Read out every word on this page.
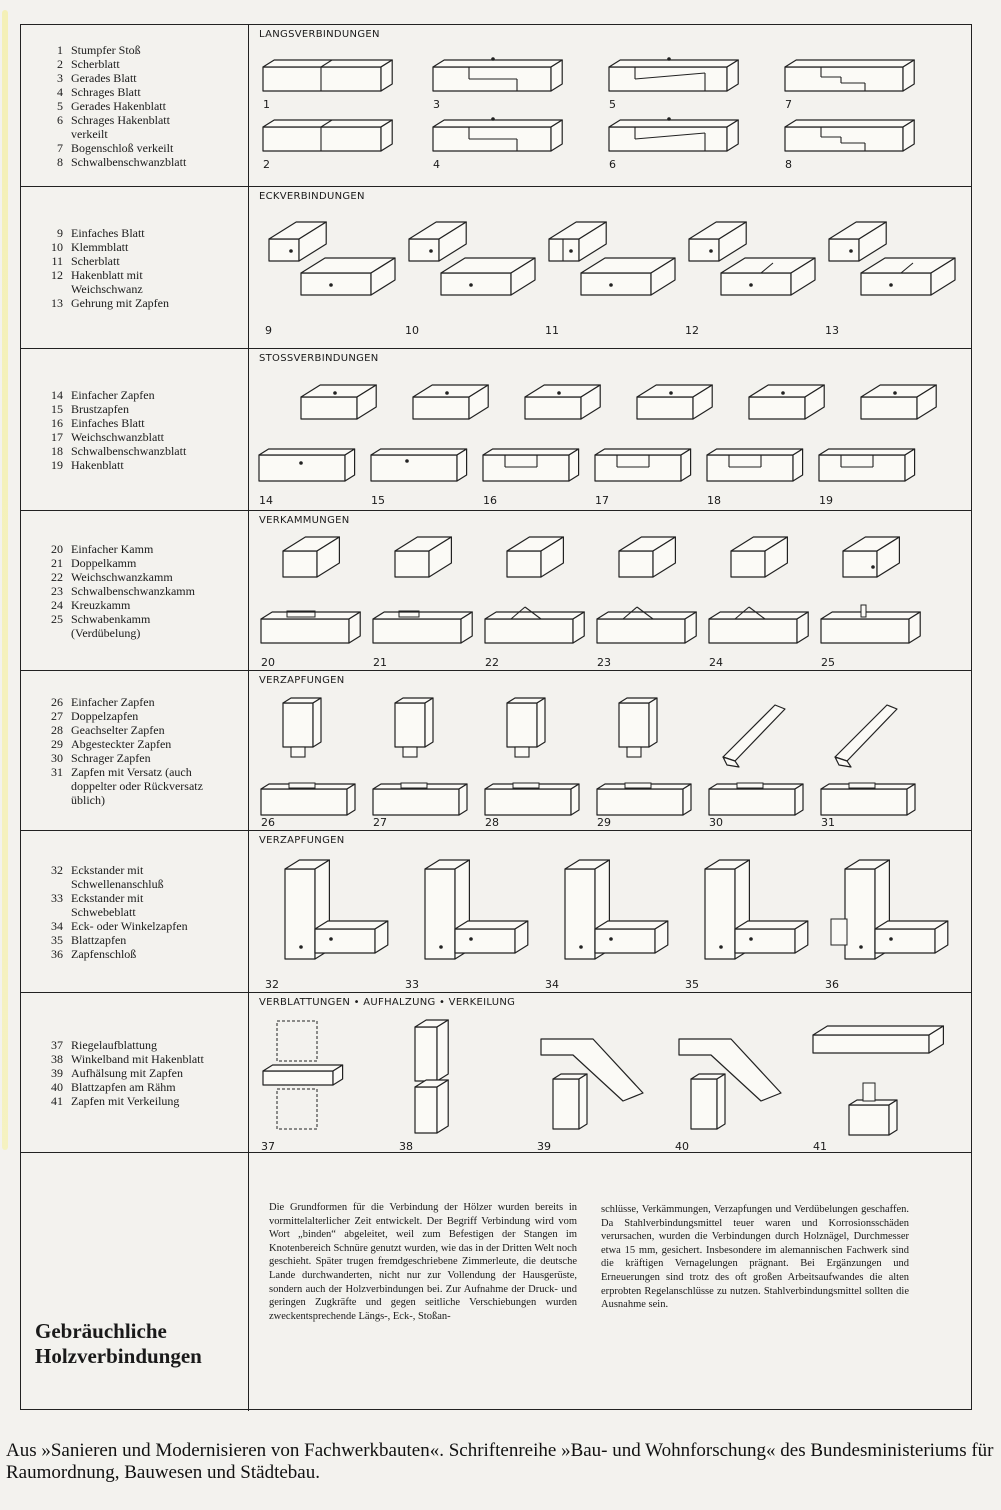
1 Stumpfer Stoß
2 Scherblatt
3 Gerades Blatt
4 Schrages Blatt
5 Gerades Hakenblatt
6 Schrages Hakenblatt
verkeilt
7 Bogenschloß verkeilt
8 Schwalbenschwanzblatt
LANGSVERBINDUNGEN
1	3	5	7
2	4	6	8
9 Einfaches Blatt
10 Klemmblatt
11 Scherblatt
12 Hakenblatt mit
Weichschwanz
13 Gehrung mit Zapfen
ECKVERBINDUNGEN
9	10	11	12	13
14 Einfacher Zapfen
15 Brustzapfen
16 Einfaches Blatt
17 Weichschwanzblatt
18 Schwalbenschwanzblatt
19 Hakenblatt
STOSSVERBINDUNGEN
14	15	16	17	18	19
20 Einfacher Kamm
21 Doppelkamm
22 Weichschwanzkamm
23 Schwalbenschwanzkamm
24 Kreuzkamm
25 Schwabenkamm
(Verdübelung)
VERKAMMUNGEN
20	21	22	23	24	25
26 Einfacher Zapfen
27 Doppelzapfen
28 Geachselter Zapfen
29 Abgesteckter Zapfen
30 Schrager Zapfen
31 Zapfen mit Versatz (auch
doppelter oder Rückversatz
üblich)
VERZAPFUNGEN
26	27	28	29	30	31
32 Eckstander mit
Schwellenanschluß
33 Eckstander mit
Schwebeblatt
34 Eck- oder Winkelzapfen
35 Blattzapfen
36 Zapfenschloß
VERZAPFUNGEN
32	33	34	35	36
37 Riegelaufblattung
38 Winkelband mit Hakenblatt
39 Aufhälsung mit Zapfen
40 Blattzapfen am Rähm
41 Zapfen mit Verkeilung
VERBLATTUNGEN • AUFHALZUNG • VERKEILUNG
37	38	39	40	41
Gebräuchliche
Holzverbindungen
Die Grundformen für die Verbindung der Hölzer wurden bereits in vormittelalterlicher Zeit entwickelt. Der Begriff Verbindung wird vom Wort „binden“ abgeleitet, weil zum Befestigen der Stangen im Knotenbereich Schnüre genutzt wurden, wie das in der Dritten Welt noch geschieht. Später trugen fremdgeschriebene Zimmerleute, die deutsche Lande durchwanderten, nicht nur zur Vollendung der Hausgerüste, sondern auch der Holzverbindungen bei. Zur Aufnahme der Druck- und geringen Zugkräfte und gegen seitliche Verschiebungen wurden zweckentsprechende Längs-, Eck-, Stoßan-
schlüsse, Verkämmungen, Verzapfungen und Verdübelungen geschaffen. Da Stahlverbindungsmittel teuer waren und Korrosionsschäden verursachen, wurden die Verbindungen durch Holznägel, Durchmesser etwa 15 mm, gesichert. Insbesondere im alemannischen Fachwerk sind die kräftigen Vernagelungen prägnant. Bei Ergänzungen und Erneuerungen sind trotz des oft großen Arbeitsaufwandes die alten erprobten Regelanschlüsse zu nutzen. Stahlverbindungsmittel sollten die Ausnahme sein.
Aus »Sanieren und Modernisieren von Fachwerkbauten«. Schriftenreihe »Bau- und Wohnforschung« des Bundesministeriums für Raumordnung, Bauwesen und Städtebau.
